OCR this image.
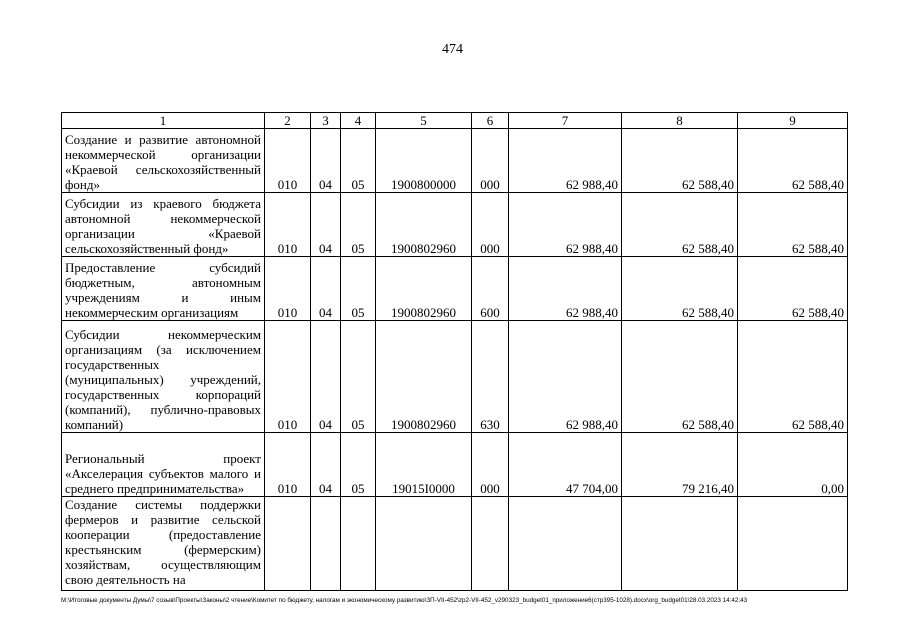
474
1	2	3	4	5	6	7	8	9
Создание и развитие автономной некоммерческой организации «Краевой сельскохозяйственный фонд»	010	04	05	1900800000	000	62 988,40	62 588,40	62 588,40
Субсидии из краевого бюджета автономной некоммерческой организации «Краевой сельскохозяйственный фонд»	010	04	05	1900802960	000	62 988,40	62 588,40	62 588,40
Предоставление субсидий бюджетным, автономным учреждениям и иным некоммерческим организациям	010	04	05	1900802960	600	62 988,40	62 588,40	62 588,40
Субсидии некоммерческим организациям (за исключением государственных (муниципальных) учреждений, государственных корпораций (компаний), публично-правовых компаний)	010	04	05	1900802960	630	62 988,40	62 588,40	62 588,40
Региональный проект «Акселерация субъектов малого и среднего предпринимательства»	010	04	05	19015I0000	000	47 704,00	79 216,40	0,00
Создание системы поддержки фермеров и развитие сельской кооперации (предоставление крестьянским (фермерским) хозяйствам, осуществляющим свою деятельность на								
M:\Итоговые документы Думы\7 созыв\Проекты\Законы\2 чтение\Комитет по бюджету, налогам и экономическому развитию\ЗП-VII-452\zp2-VII-452_v290323_budget01_приложение6(стр395-1028).docx\org_budget01\28.03.2023 14:42:43
